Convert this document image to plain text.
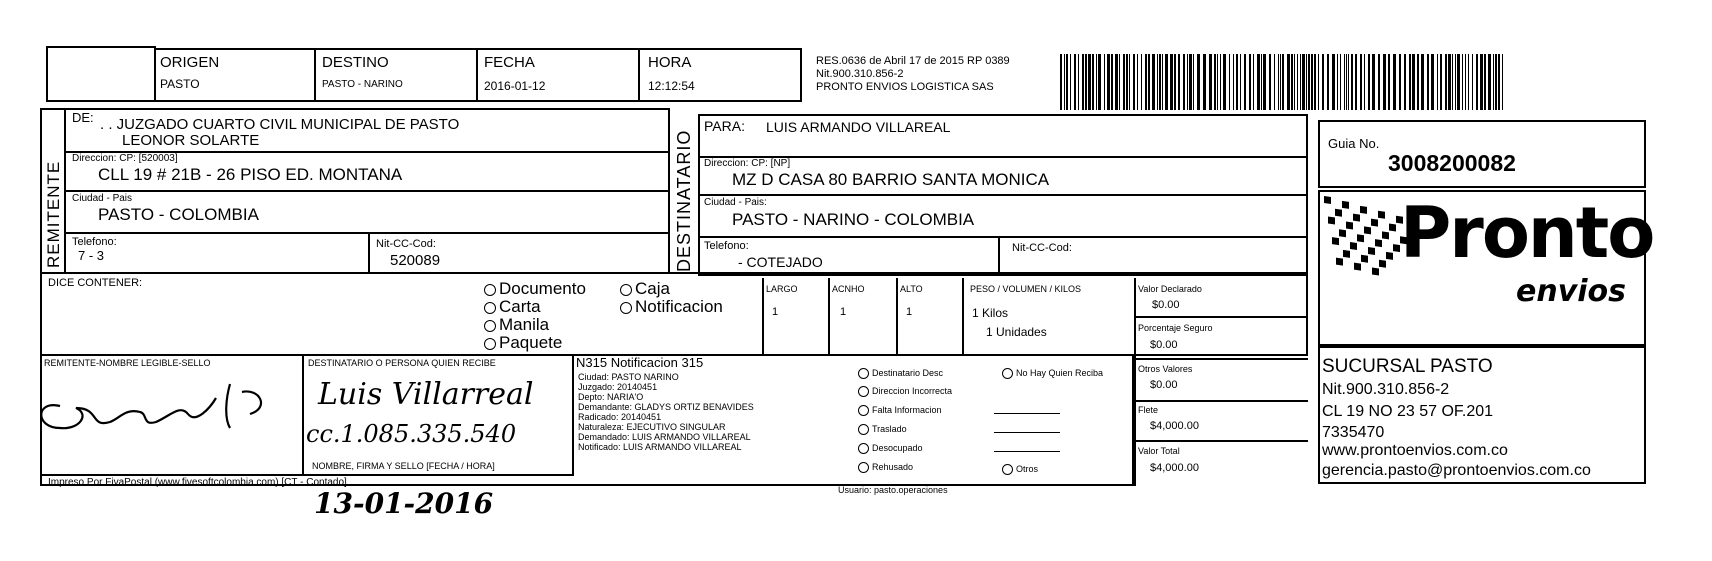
ORIGEN
PASTO
DESTINO
PASTO - NARINO
FECHA
2016-01-12
HORA
12:12:54
RES.0636 de Abril 17 de 2015 RP 0389
Nit.900.310.856-2
PRONTO ENVIOS LOGISTICA SAS
REMITENTE
DE: . . JUZGADO CUARTO CIVIL MUNICIPAL DE PASTO
LEONOR SOLARTE
Direccion: CP: [520003]
CLL 19 # 21B - 26 PISO ED. MONTANA
Ciudad - Pais
PASTO - COLOMBIA
Telefono:
7 - 3
Nit-CC-Cod:
520089	DESTINATARIO
PARA: LUIS ARMANDO VILLAREAL
Direccion: CP: [NP]
MZ D CASA 80 BARRIO SANTA MONICA
Ciudad - Pais:
PASTO - NARINO - COLOMBIA
Telefono:
- COTEJADO
Nit-CC-Cod:
Guia No.
3008200082
Pronto
envios
SUCURSAL PASTO
Nit.900.310.856-2
CL 19 NO 23 57 OF.201
7335470
www.prontoenvios.com.co
gerencia.pasto@prontoenvios.com.co
DICE CONTENER:	Documento	Caja
Carta	Notificacion
Manila
Paquete
LARGO
1
ACNHO
1
ALTO
1
PESO / VOLUMEN / KILOS
1 Kilos
1 Unidades
Valor Declarado
$0.00
Porcentaje Seguro
$0.00
Otros Valores
$0.00
Flete
$4,000.00
Valor Total
$4,000.00
REMITENTE-NOMBRE LEGIBLE-SELLO	DESTINATARIO O PERSONA QUIEN RECIBE
Luis Villarreal
cc.1.085.335.540
NOMBRE, FIRMA Y SELLO [FECHA / HORA]
N315 Notificacion 315
Ciudad: PASTO NARINO
Juzgado: 20140451
Depto: NARIA'O
Demandante: GLADYS ORTIZ BENAVIDES
Radicado: 20140451
Naturaleza: EJECUTIVO SINGULAR
Demandado: LUIS ARMANDO VILLAREAL
Notificado: LUIS ARMANDO VILLAREAL
Destinatario Desc
Direccion Incorrecta
Falta Informacion
Traslado
Desocupado
Rehusado
No Hay Quien Reciba
Otros
Impreso Por FivaPostal (www.fivesoftcolombia.com) [CT - Contado]
Usuario: pasto.operaciones
13-01-2016
